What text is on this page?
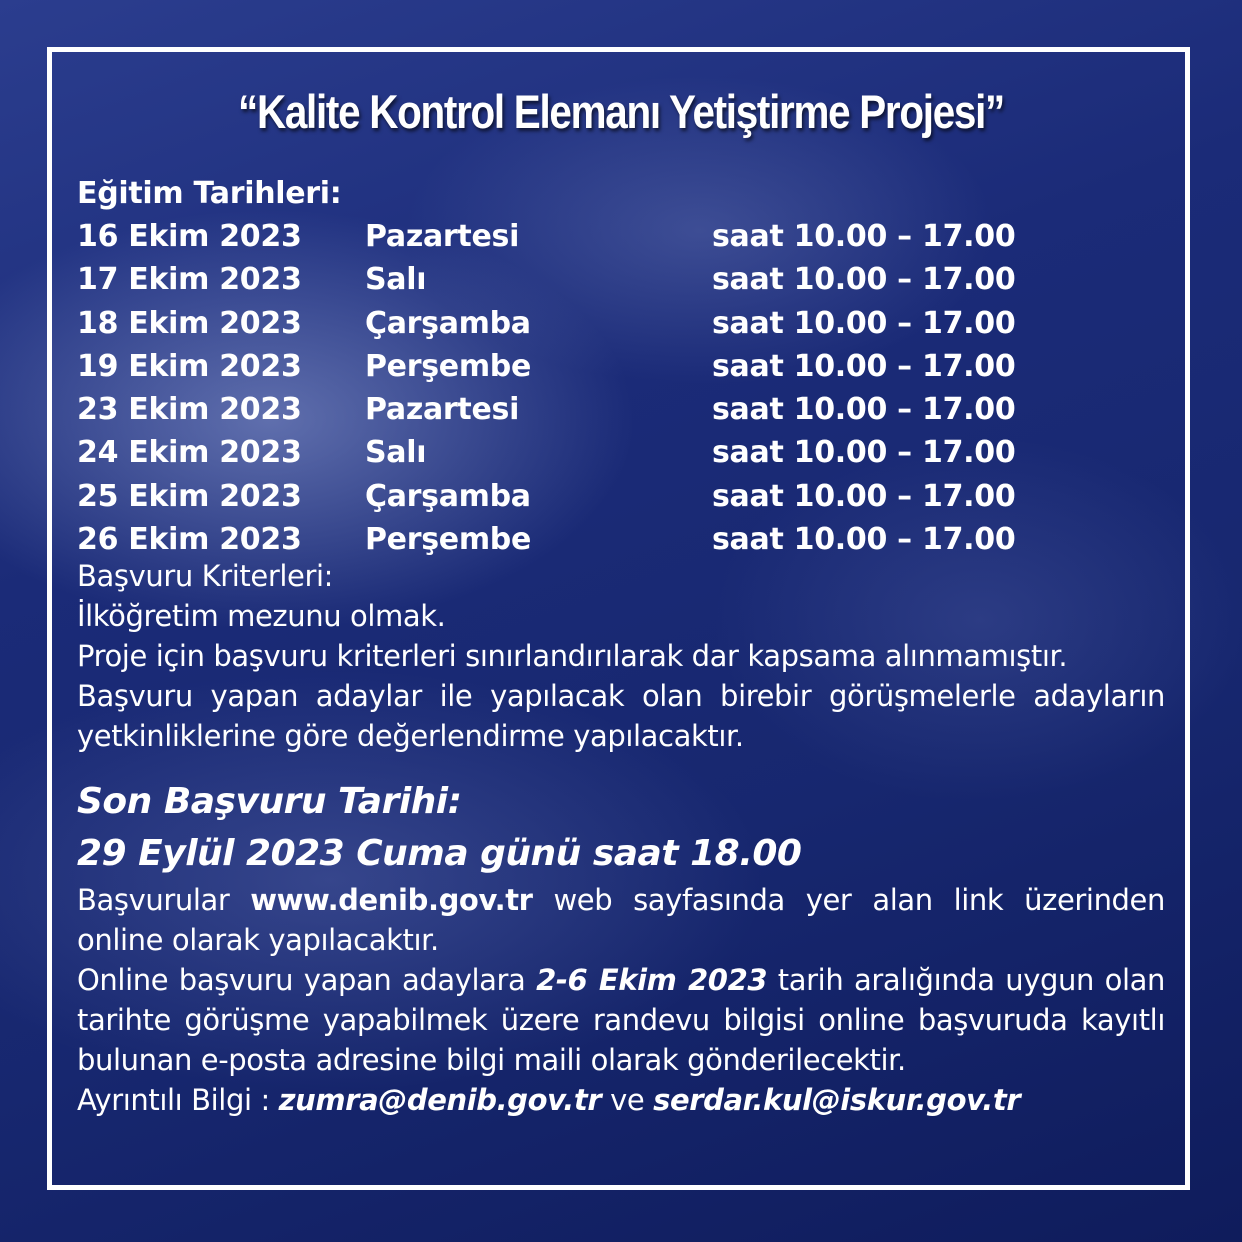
“Kalite Kontrol Elemanı Yetiştirme Projesi”
Eğitim Tarihleri:
16 Ekim 2023 Pazartesi	saat 10.00 – 17.00
17 Ekim 2023 Salı	saat 10.00 – 17.00
18 Ekim 2023 Çarşamba	saat 10.00 – 17.00
19 Ekim 2023 Perşembe	saat 10.00 – 17.00
23 Ekim 2023 Pazartesi	saat 10.00 – 17.00
24 Ekim 2023 Salı	saat 10.00 – 17.00
25 Ekim 2023 Çarşamba	saat 10.00 – 17.00
26 Ekim 2023 Perşembe	saat 10.00 – 17.00
Başvuru Kriterleri:
İlköğretim mezunu olmak.
Proje için başvuru kriterleri sınırlandırılarak dar kapsama alınmamıştır.
Başvuru yapan adaylar ile yapılacak olan birebir görüşmelerle adayların yetkinliklerine göre değerlendirme yapılacaktır.
Son Başvuru Tarihi:
29 Eylül 2023 Cuma günü saat 18.00
Başvurular www.denib.gov.tr web sayfasında yer alan link üzerinden online olarak yapılacaktır.
Online başvuru yapan adaylara 2-6 Ekim 2023 tarih aralığında uygun olan tarihte görüşme yapabilmek üzere randevu bilgisi online başvuruda kayıtlı bulunan e-posta adresine bilgi maili olarak gönderilecektir.
Ayrıntılı Bilgi : zumra@denib.gov.tr ve serdar.kul@iskur.gov.tr
